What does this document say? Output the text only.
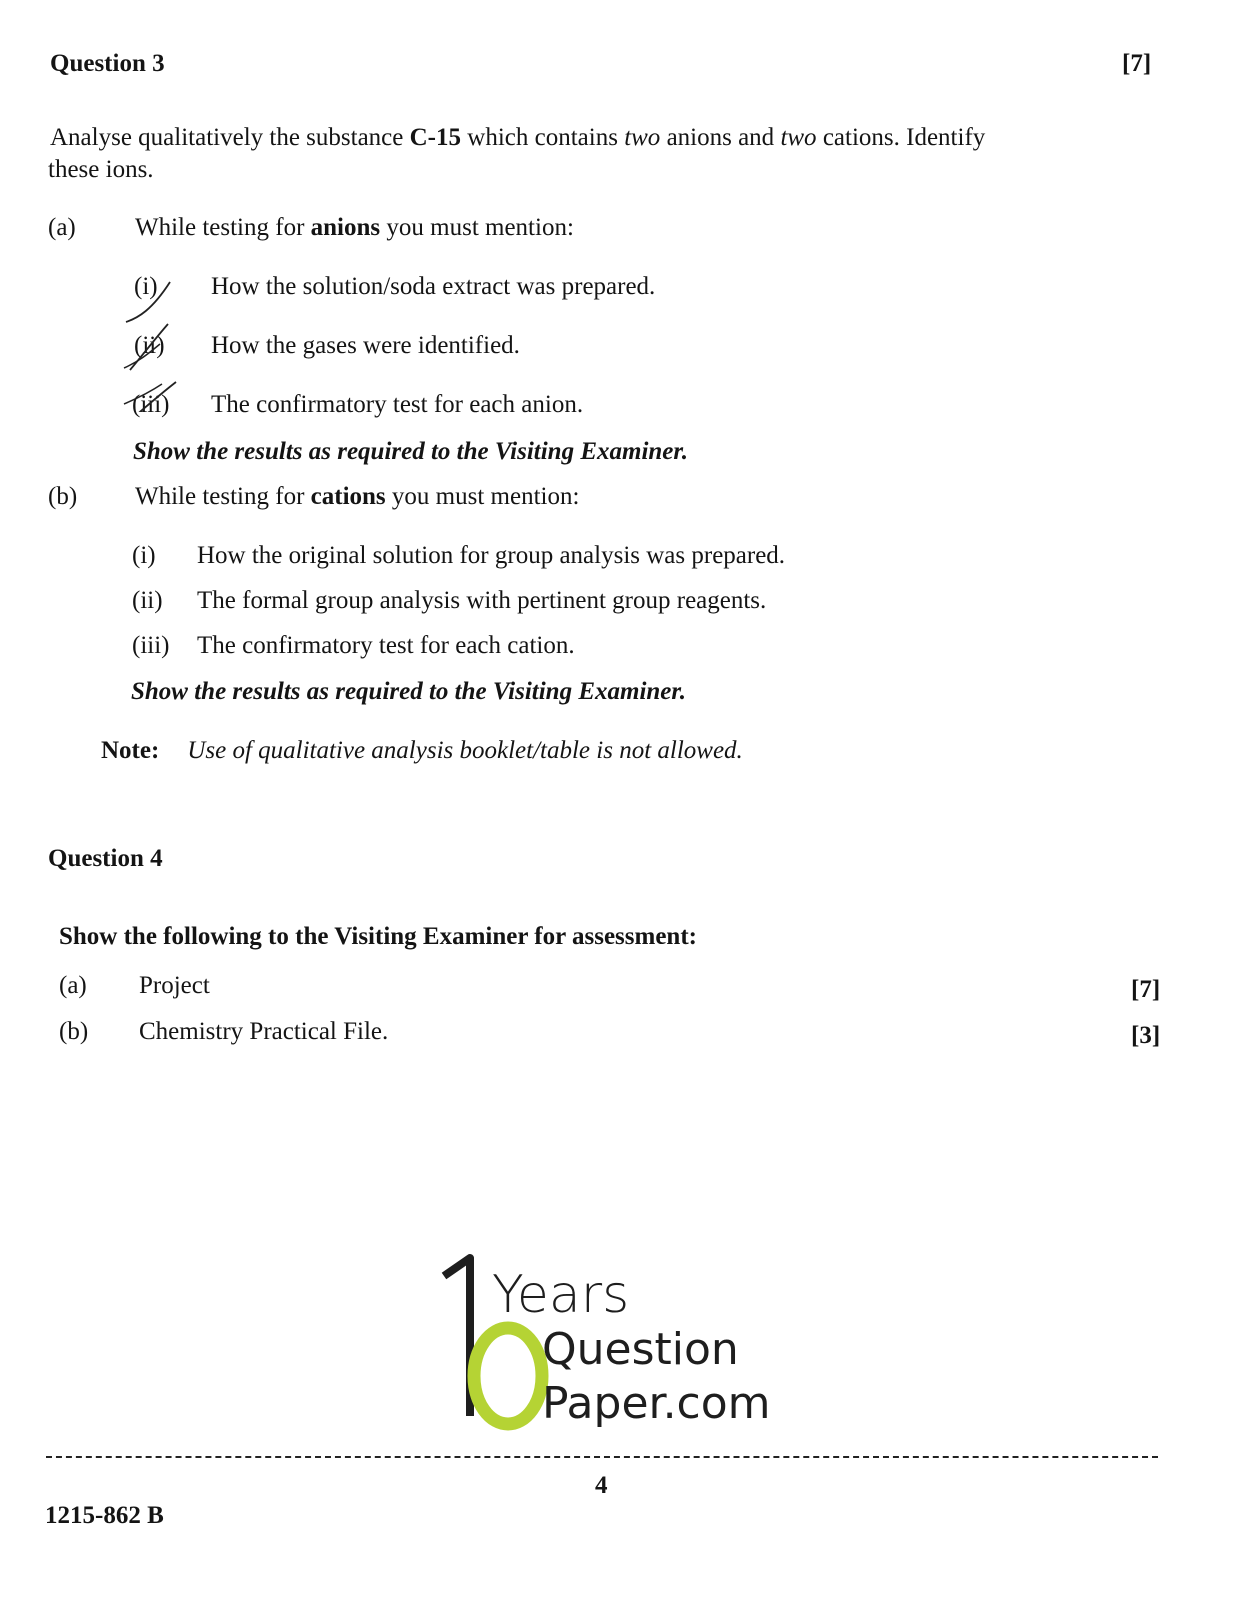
Question 3	[7]
Analyse qualitatively the substance C-15 which contains two anions and two cations. Identify
these ions.
(a) While testing for anions you must mention:
(i) How the solution/soda extract was prepared.
(ii) How the gases were identified.
(iii) The confirmatory test for each anion.
Show the results as required to the Visiting Examiner.
(b) While testing for cations you must mention:
(i) How the original solution for group analysis was prepared.
(ii) The formal group analysis with pertinent group reagents.
(iii) The confirmatory test for each cation.
Show the results as required to the Visiting Examiner.
Note: Use of qualitative analysis booklet/table is not allowed.
Question 4
Show the following to the Visiting Examiner for assessment:
(a) Project	[7]
(b) Chemistry Practical File.	[3]
Years
Question
Paper.com
4
1215-862 B
